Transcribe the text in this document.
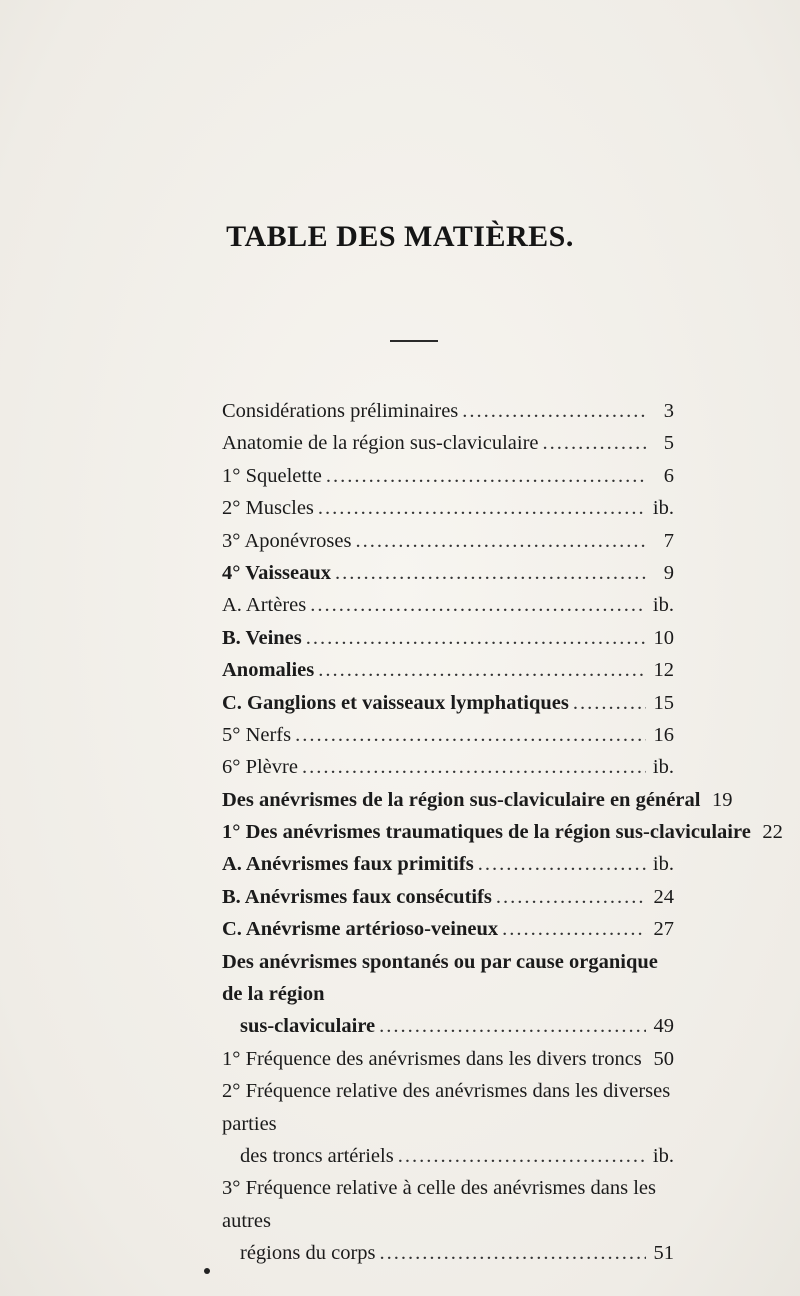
TABLE DES MATIÈRES.
Considérations préliminaires .....	3
Anatomie de la région sus-claviculaire .....	5
1° Squelette .....	6
2° Muscles .....	ib.
3° Aponévroses .....	7
4° Vaisseaux .....	9
A. Artères .....	ib.
B. Veines .....	10
Anomalies .....	12
C. Ganglions et vaisseaux lymphatiques .....	15
5° Nerfs .....	16
6° Plèvre .....	ib.
Des anévrismes de la région sus-claviculaire en général 19
1° Des anévrismes traumatiques de la région sus-claviculaire 22
A. Anévrismes faux primitifs .....	ib.
B. Anévrismes faux consécutifs .....	24
C. Anévrisme artérioso-veineux .....	27
Des anévrismes spontanés ou par cause organique de la région
sus-claviculaire .....	49
1° Fréquence des anévrismes dans les divers troncs ..... 50
2° Fréquence relative des anévrismes dans les diverses parties
des troncs artériels .....	ib.
3° Fréquence relative à celle des anévrismes dans les autres
régions du corps .....	51
